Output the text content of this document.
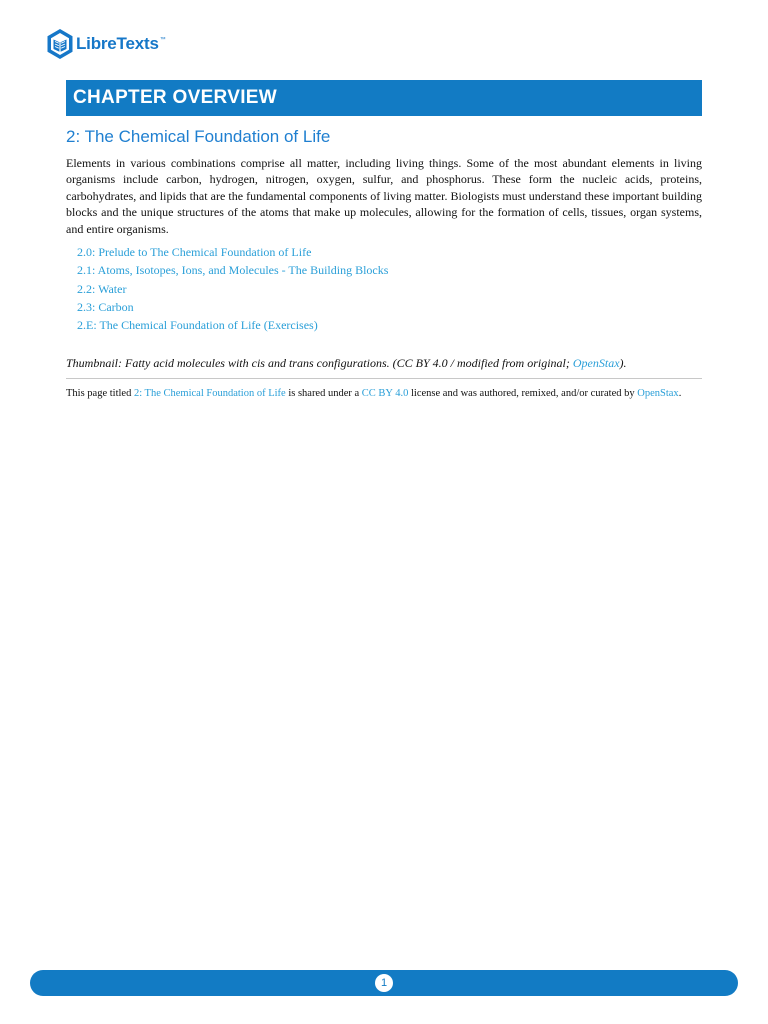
LibreTexts ™
CHAPTER OVERVIEW
2: The Chemical Foundation of Life

Elements in various combinations comprise all matter, including living things. Some of the most abundant elements in living organisms include carbon, hydrogen, nitrogen, oxygen, sulfur, and phosphorus. These form the nucleic acids, proteins, carbohydrates, and lipids that are the fundamental components of living matter. Biologists must understand these important building blocks and the unique structures of the atoms that make up molecules, allowing for the formation of cells, tissues, organ systems, and entire organisms.

2.0: Prelude to The Chemical Foundation of Life
2.1: Atoms, Isotopes, Ions, and Molecules - The Building Blocks
2.2: Water
2.3: Carbon
2.E: The Chemical Foundation of Life (Exercises)

Thumbnail: Fatty acid molecules with cis and trans configurations. (CC BY 4.0 / modified from original; OpenStax).

This page titled 2: The Chemical Foundation of Life is shared under a CC BY 4.0 license and was authored, remixed, and/or curated by OpenStax.

1
